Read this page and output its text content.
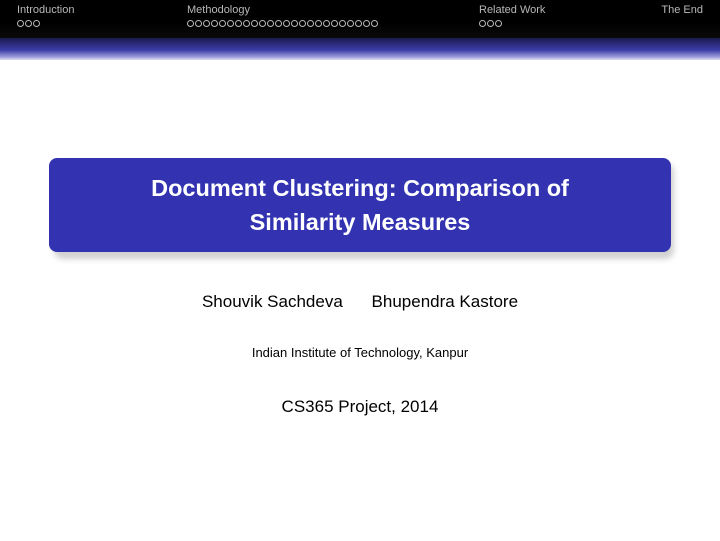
Introduction	Methodology	Related Work	The End
Document Clustering: Comparison of
Similarity Measures
Shouvik Sachdeva Bhupendra Kastore
Indian Institute of Technology, Kanpur
CS365 Project, 2014
